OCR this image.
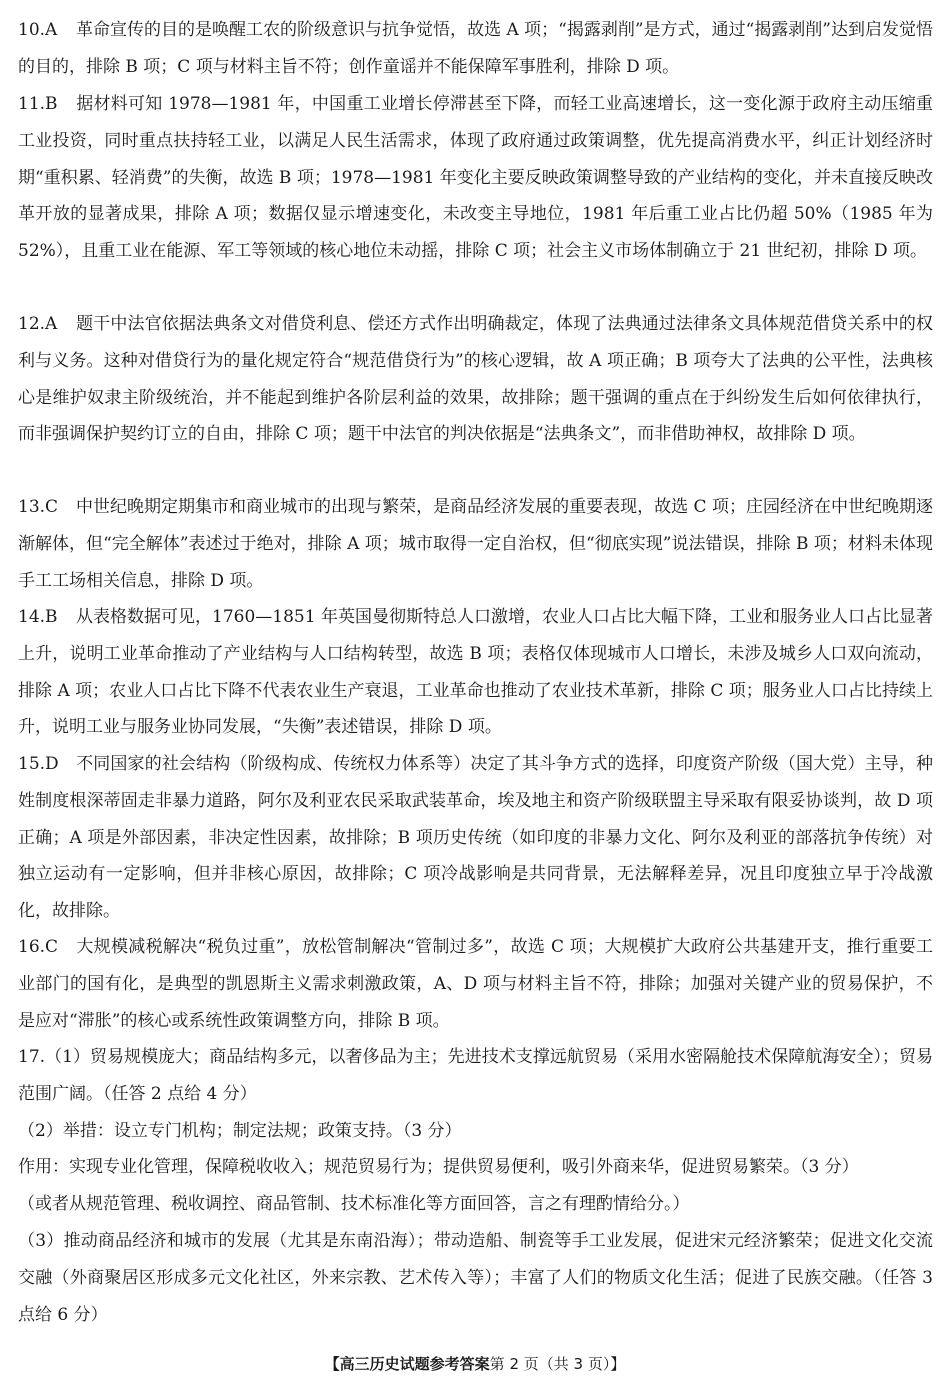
10.A 革命宣传的目的是唤醒工农的阶级意识与抗争觉悟，故选 A 项；“揭露剥削”是方式，通过“揭露剥削”达到启发觉悟的目的，排除 B 项；C 项与材料主旨不符；创作童谣并不能保障军事胜利，排除 D 项。

11.B 据材料可知 1978—1981 年，中国重工业增长停滞甚至下降，而轻工业高速增长，这一变化源于政府主动压缩重工业投资，同时重点扶持轻工业，以满足人民生活需求，体现了政府通过政策调整，优先提高消费水平，纠正计划经济时期“重积累、轻消费”的失衡，故选 B 项；1978—1981 年变化主要反映政策调整导致的产业结构的变化，并未直接反映改革开放的显著成果，排除 A 项；数据仅显示增速变化，未改变主导地位，1981 年后重工业占比仍超 50%（1985 年为 52%），且重工业在能源、军工等领域的核心地位未动摇，排除 C 项；社会主义市场体制确立于 21 世纪初，排除 D 项。

12.A 题干中法官依据法典条文对借贷利息、偿还方式作出明确裁定，体现了法典通过法律条文具体规范借贷关系中的权利与义务。这种对借贷行为的量化规定符合“规范借贷行为”的核心逻辑，故 A 项正确；B 项夸大了法典的公平性，法典核心是维护奴隶主阶级统治，并不能起到维护各阶层利益的效果，故排除；题干强调的重点在于纠纷发生后如何依律执行，而非强调保护契约订立的自由，排除 C 项；题干中法官的判决依据是“法典条文”，而非借助神权，故排除 D 项。

13.C 中世纪晚期定期集市和商业城市的出现与繁荣，是商品经济发展的重要表现，故选 C 项；庄园经济在中世纪晚期逐渐解体，但“完全解体”表述过于绝对，排除 A 项；城市取得一定自治权，但“彻底实现”说法错误，排除 B 项；材料未体现手工工场相关信息，排除 D 项。

14.B 从表格数据可见，1760—1851 年英国曼彻斯特总人口激增，农业人口占比大幅下降，工业和服务业人口占比显著上升，说明工业革命推动了产业结构与人口结构转型，故选 B 项；表格仅体现城市人口增长，未涉及城乡人口双向流动，排除 A 项；农业人口占比下降不代表农业生产衰退，工业革命也推动了农业技术革新，排除 C 项；服务业人口占比持续上升，说明工业与服务业协同发展，“失衡”表述错误，排除 D 项。

15.D 不同国家的社会结构（阶级构成、传统权力体系等）决定了其斗争方式的选择，印度资产阶级（国大党）主导，种姓制度根深蒂固走非暴力道路，阿尔及利亚农民采取武装革命，埃及地主和资产阶级联盟主导采取有限妥协谈判，故 D 项正确；A 项是外部因素，非决定性因素，故排除；B 项历史传统（如印度的非暴力文化、阿尔及利亚的部落抗争传统）对独立运动有一定影响，但并非核心原因，故排除；C 项冷战影响是共同背景，无法解释差异，况且印度独立早于冷战激化，故排除。

16.C 大规模减税解决“税负过重”，放松管制解决“管制过多”，故选 C 项；大规模扩大政府公共基建开支，推行重要工业部门的国有化，是典型的凯恩斯主义需求刺激政策，A、D 项与材料主旨不符，排除；加强对关键产业的贸易保护，不是应对“滞胀”的核心或系统性政策调整方向，排除 B 项。

17.（1）贸易规模庞大；商品结构多元，以奢侈品为主；先进技术支撑远航贸易（采用水密隔舱技术保障航海安全）；贸易范围广阔。（任答 2 点给 4 分）

（2）举措：设立专门机构；制定法规；政策支持。（3 分）

作用：实现专业化管理，保障税收收入；规范贸易行为；提供贸易便利，吸引外商来华，促进贸易繁荣。（3 分）

（或者从规范管理、税收调控、商品管制、技术标准化等方面回答，言之有理酌情给分。）

（3）推动商品经济和城市的发展（尤其是东南沿海）；带动造船、制瓷等手工业发展，促进宋元经济繁荣；促进文化交流交融（外商聚居区形成多元文化社区，外来宗教、艺术传入等）；丰富了人们的物质文化生活；促进了民族交融。（任答 3 点给 6 分）

【高三历史试题参考答案第 2 页（共 3 页）】
